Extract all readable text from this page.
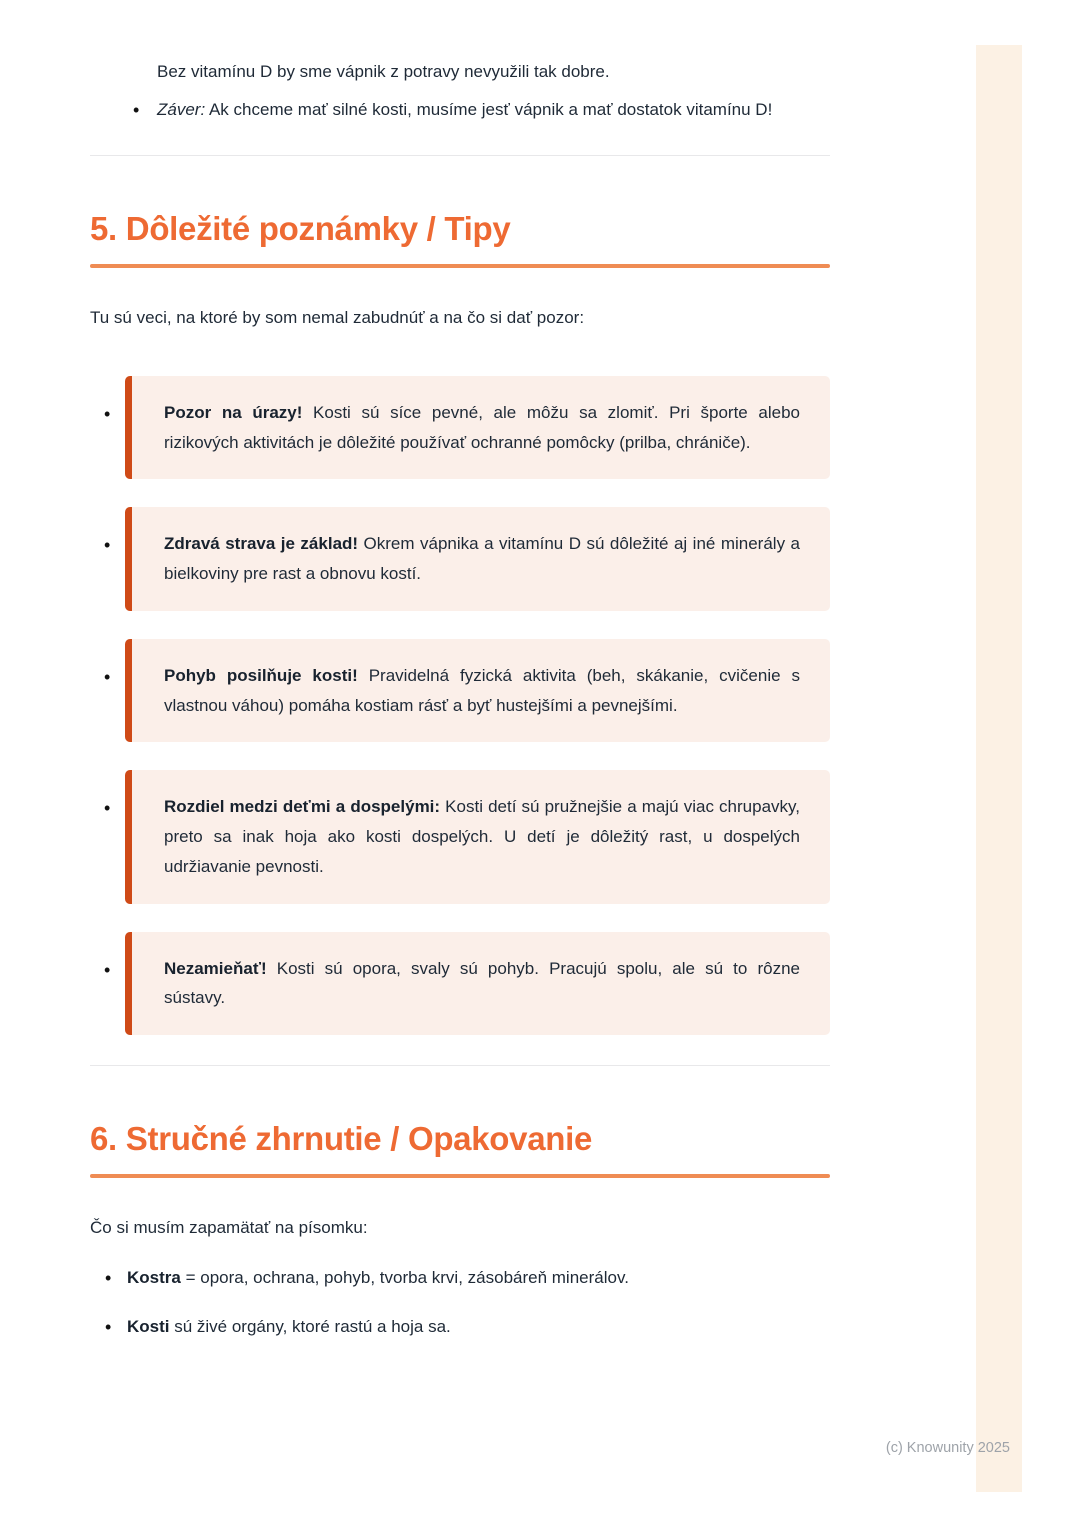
Bez vitamínu D by sme vápnik z potravy nevyužili tak dobre.

•	Záver: Ak chceme mať silné kosti, musíme jesť vápnik a mať dostatok vitamínu D!

5. Dôležité poznámky / Tipy

Tu sú veci, na ktoré by som nemal zabudnúť a na čo si dať pozor:

•	Pozor na úrazy! Kosti sú síce pevné, ale môžu sa zlomiť. Pri športe alebo rizikových aktivitách je dôležité používať ochranné pomôcky (prilba, chrániče).

•	Zdravá strava je základ! Okrem vápnika a vitamínu D sú dôležité aj iné minerály a bielkoviny pre rast a obnovu kostí.

•	Pohyb posilňuje kosti! Pravidelná fyzická aktivita (beh, skákanie, cvičenie s vlastnou váhou) pomáha kostiam rásť a byť hustejšími a pevnejšími.

•	Rozdiel medzi deťmi a dospelými: Kosti detí sú pružnejšie a majú viac chrupavky, preto sa inak hoja ako kosti dospelých. U detí je dôležitý rast, u dospelých udržiavanie pevnosti.

•	Nezamieňať! Kosti sú opora, svaly sú pohyb. Pracujú spolu, ale sú to rôzne sústavy.

6. Stručné zhrnutie / Opakovanie

Čo si musím zapamätať na písomku:

• Kostra = opora, ochrana, pohyb, tvorba krvi, zásobáreň minerálov.

• Kosti sú živé orgány, ktoré rastú a hoja sa.

(c) Knowunity 2025
